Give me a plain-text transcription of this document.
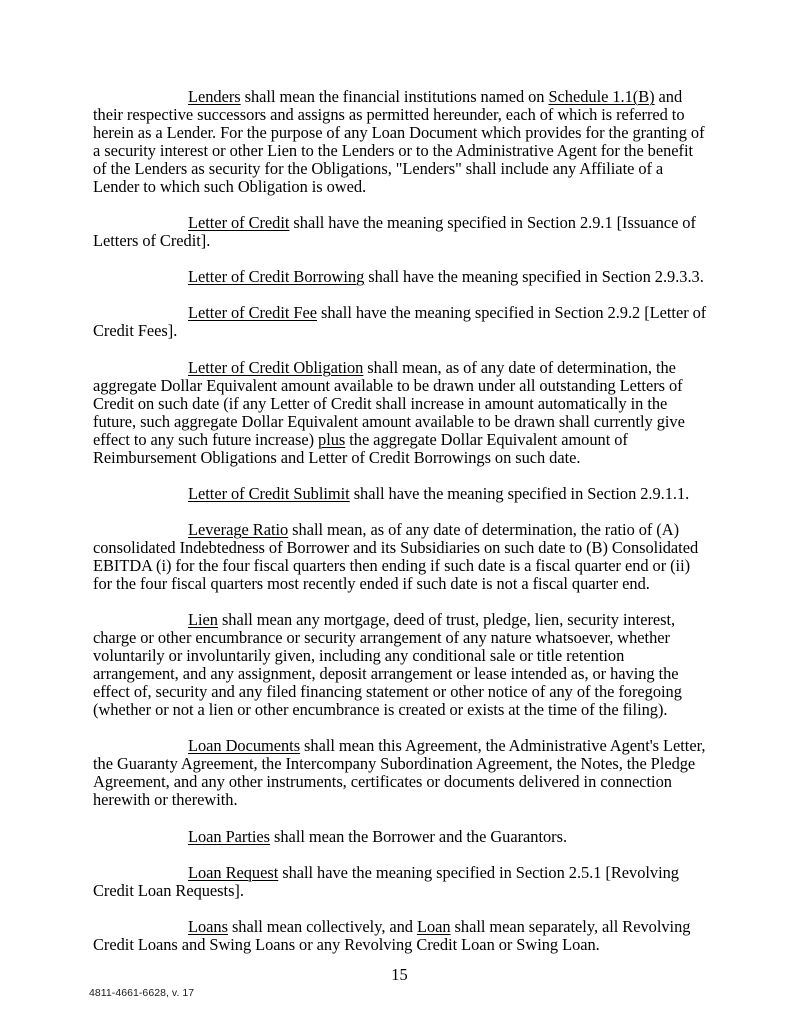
Lenders shall mean the financial institutions named on Schedule 1.1(B) and their respective successors and assigns as permitted hereunder, each of which is referred to herein as a Lender. For the purpose of any Loan Document which provides for the granting of a security interest or other Lien to the Lenders or to the Administrative Agent for the benefit of the Lenders as security for the Obligations, "Lenders" shall include any Affiliate of a Lender to which such Obligation is owed.

Letter of Credit shall have the meaning specified in Section 2.9.1 [Issuance of Letters of Credit].

Letter of Credit Borrowing shall have the meaning specified in Section 2.9.3.3.

Letter of Credit Fee shall have the meaning specified in Section 2.9.2 [Letter of Credit Fees].

Letter of Credit Obligation shall mean, as of any date of determination, the aggregate Dollar Equivalent amount available to be drawn under all outstanding Letters of Credit on such date (if any Letter of Credit shall increase in amount automatically in the future, such aggregate Dollar Equivalent amount available to be drawn shall currently give effect to any such future increase) plus the aggregate Dollar Equivalent amount of Reimbursement Obligations and Letter of Credit Borrowings on such date.

Letter of Credit Sublimit shall have the meaning specified in Section 2.9.1.1.

Leverage Ratio shall mean, as of any date of determination, the ratio of (A) consolidated Indebtedness of Borrower and its Subsidiaries on such date to (B) Consolidated EBITDA (i) for the four fiscal quarters then ending if such date is a fiscal quarter end or (ii) for the four fiscal quarters most recently ended if such date is not a fiscal quarter end.

Lien shall mean any mortgage, deed of trust, pledge, lien, security interest, charge or other encumbrance or security arrangement of any nature whatsoever, whether voluntarily or involuntarily given, including any conditional sale or title retention arrangement, and any assignment, deposit arrangement or lease intended as, or having the effect of, security and any filed financing statement or other notice of any of the foregoing (whether or not a lien or other encumbrance is created or exists at the time of the filing).

Loan Documents shall mean this Agreement, the Administrative Agent's Letter, the Guaranty Agreement, the Intercompany Subordination Agreement, the Notes, the Pledge Agreement, and any other instruments, certificates or documents delivered in connection herewith or therewith.

Loan Parties shall mean the Borrower and the Guarantors.

Loan Request shall have the meaning specified in Section 2.5.1 [Revolving Credit Loan Requests].

Loans shall mean collectively, and Loan shall mean separately, all Revolving Credit Loans and Swing Loans or any Revolving Credit Loan or Swing Loan.

15
4811-4661-6628, v. 17
